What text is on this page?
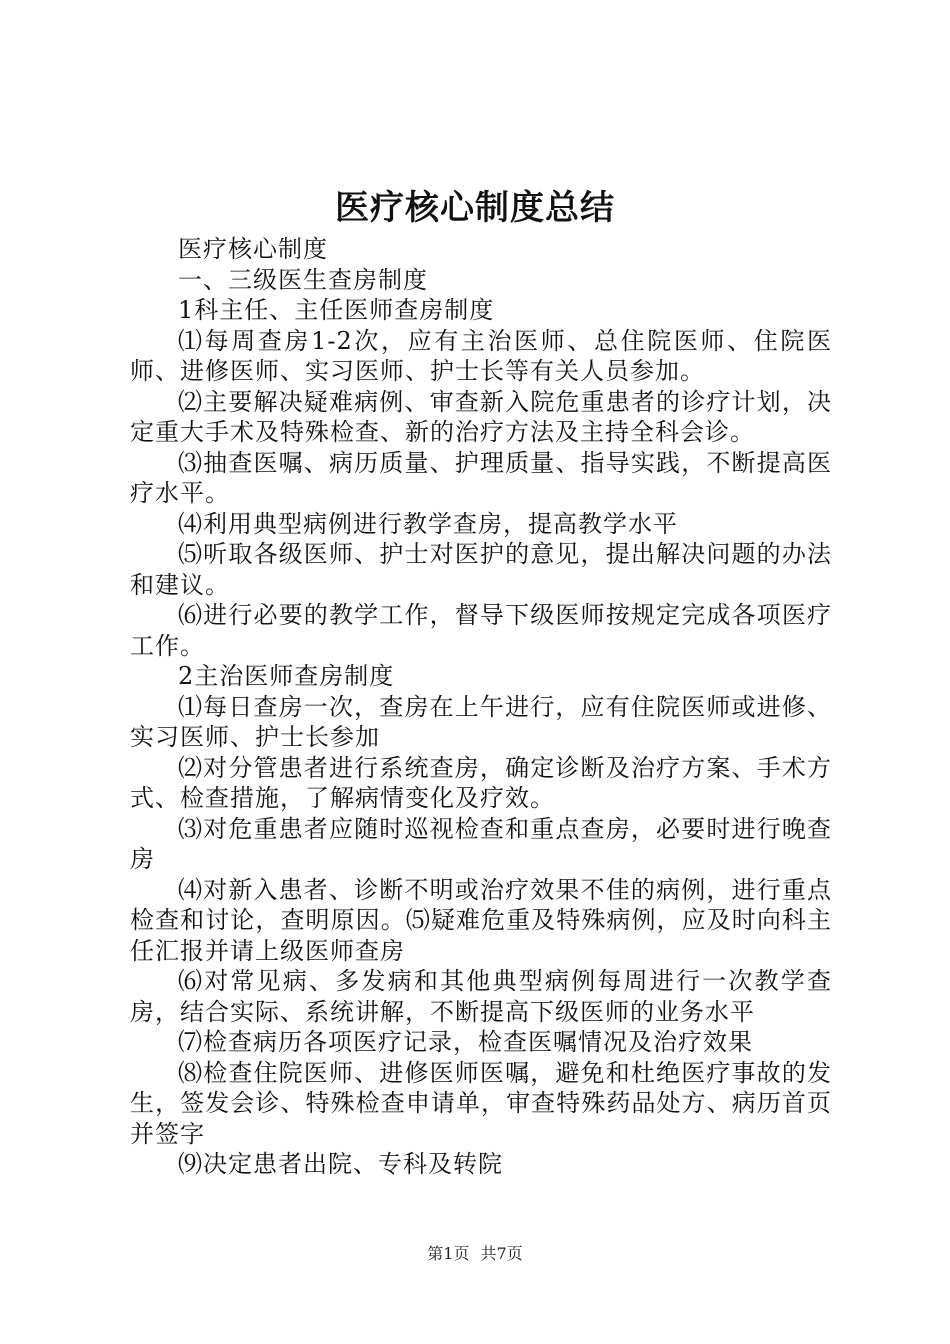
医疗核心制度总结

医疗核心制度

一、三级医生查房制度

1科主任、主任医师查房制度

⑴每周查房1-2次，应有主治医师、总住院医师、住院医师、进修医师、实习医师、护士长等有关人员参加。

⑵主要解决疑难病例、审查新入院危重患者的诊疗计划，决定重大手术及特殊检查、新的治疗方法及主持全科会诊。

⑶抽查医嘱、病历质量、护理质量、指导实践，不断提高医疗水平。

⑷利用典型病例进行教学查房，提高教学水平

⑸听取各级医师、护士对医护的意见，提出解决问题的办法和建议。

⑹进行必要的教学工作，督导下级医师按规定完成各项医疗工作。

2主治医师查房制度

⑴每日查房一次，查房在上午进行，应有住院医师或进修、实习医师、护士长参加

⑵对分管患者进行系统查房，确定诊断及治疗方案、手术方式、检查措施，了解病情变化及疗效。

⑶对危重患者应随时巡视检查和重点查房，必要时进行晚查房

⑷对新入患者、诊断不明或治疗效果不佳的病例，进行重点检查和讨论，查明原因。⑸疑难危重及特殊病例，应及时向科主任汇报并请上级医师查房

⑹对常见病、多发病和其他典型病例每周进行一次教学查房，结合实际、系统讲解，不断提高下级医师的业务水平

⑺检查病历各项医疗记录，检查医嘱情况及治疗效果

⑻检查住院医师、进修医师医嘱，避免和杜绝医疗事故的发生，签发会诊、特殊检查申请单，审查特殊药品处方、病历首页并签字

⑼决定患者出院、专科及转院

第1页 共7页
